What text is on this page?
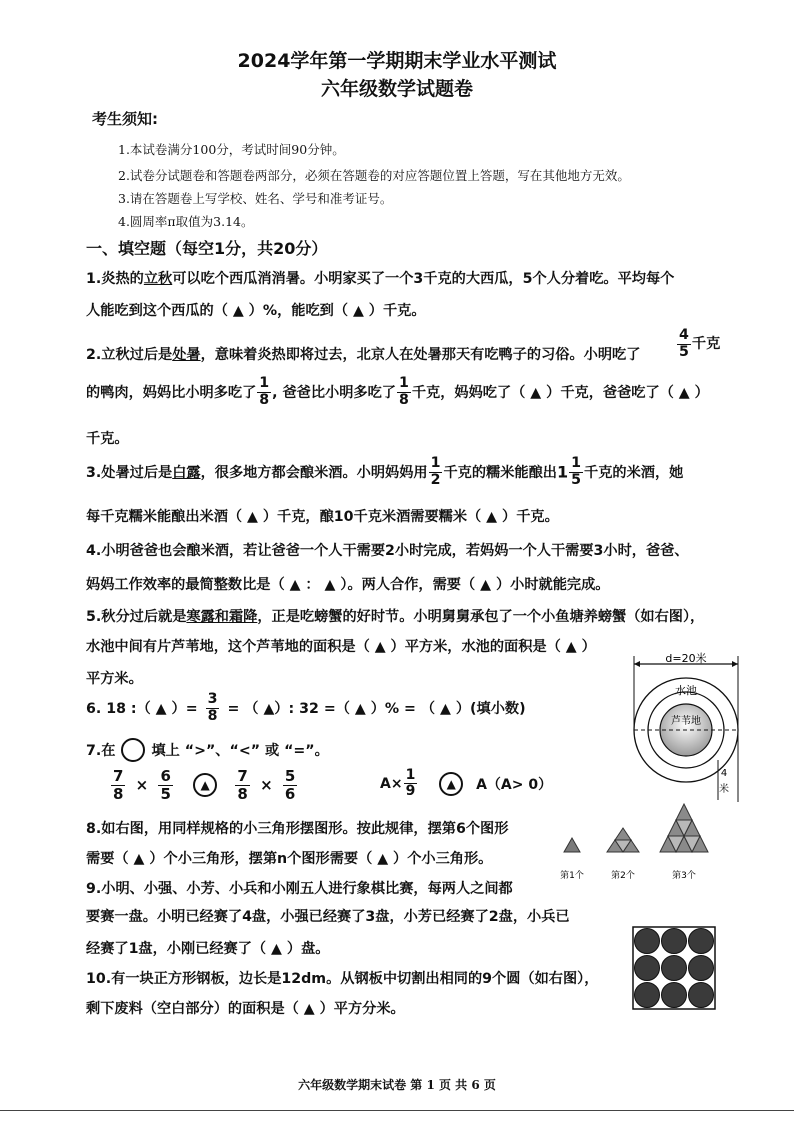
2024学年第一学期期末学业水平测试
六年级数学试题卷
考生须知:
1.本试卷满分100分，考试时间90分钟。
2.试卷分试题卷和答题卷两部分，必须在答题卷的对应答题位置上答题，写在其他地方无效。
3.请在答题卷上写学校、姓名、学号和准考证号。
4.圆周率π取值为3.14。
一、填空题（每空1分，共20分）
1.炎热的立秋可以吃个西瓜消消暑。小明家买了一个3千克的大西瓜，5个人分着吃。平均每个
人能吃到这个西瓜的（ ▲ ）%，能吃到（ ▲ ）千克。
2.立秋过后是处暑，意味着炎热即将过去，北京人在处暑那天有吃鸭子的习俗。小明吃了	$\frac{4}{5}$ 千克
的鸭肉，妈妈比小明多吃了 $\frac{1}{8}$ , 爸爸比小明多吃了 $\frac{1}{8}$ 千克，妈妈吃了（ ▲ ）千克，爸爸吃了（ ▲ ）
千克。
3.处暑过后是白露，很多地方都会酿米酒。小明妈妈用 $\frac{1}{2}$ 千克的糯米能酿出$1 \frac{1}{5}$ 千克的米酒，她
每千克糯米能酿出米酒（ ▲ ）千克，酿10千克米酒需要糯米（ ▲ ）千克。
4.小明爸爸也会酿米酒，若让爸爸一个人干需要2小时完成，若妈妈一个人干需要3小时，爸爸、
妈妈工作效率的最简整数比是（ ▲ ： ▲ ）。两人合作，需要（ ▲ ）小时就能完成。
5.秋分过后就是寒露和霜降，正是吃螃蟹的好时节。小明舅舅承包了一个小鱼塘养螃蟹（如右图），
水池中间有片芦苇地，这个芦苇地的面积是（ ▲ ）平方米，水池的面积是（ ▲ ）
平方米。
d=20米
水池
芦苇地
4
米
6. 18 :（ ▲ ）= $\frac{3}{8}$ = （ ▲）: 32 =（ ▲ ）% = （ ▲ ）(填小数)
7.在	填上 “>”、“<” 或 “=”。
$\frac{7}{8} \times \frac{6}{5}$ ▲ $\frac{7}{8} \times \frac{5}{6}$	$A\times \frac{1}{9}$ ▲ A（A> 0）
8.如右图，用同样规格的小三角形摆图形。按此规律，摆第6个图形
需要（ ▲ ）个小三角形，摆第n个图形需要（ ▲ ）个小三角形。
第1个	第2个	第3个
9.小明、小强、小芳、小兵和小刚五人进行象棋比赛，每两人之间都
要赛一盘。小明已经赛了4盘，小强已经赛了3盘，小芳已经赛了2盘，小兵已
经赛了1盘，小刚已经赛了（ ▲ ）盘。
10.有一块正方形钢板，边长是12dm。从钢板中切割出相同的9个圆（如右图），
剩下废料（空白部分）的面积是（ ▲ ）平方分米。
六年级数学期末试卷 第 1 页 共 6 页
